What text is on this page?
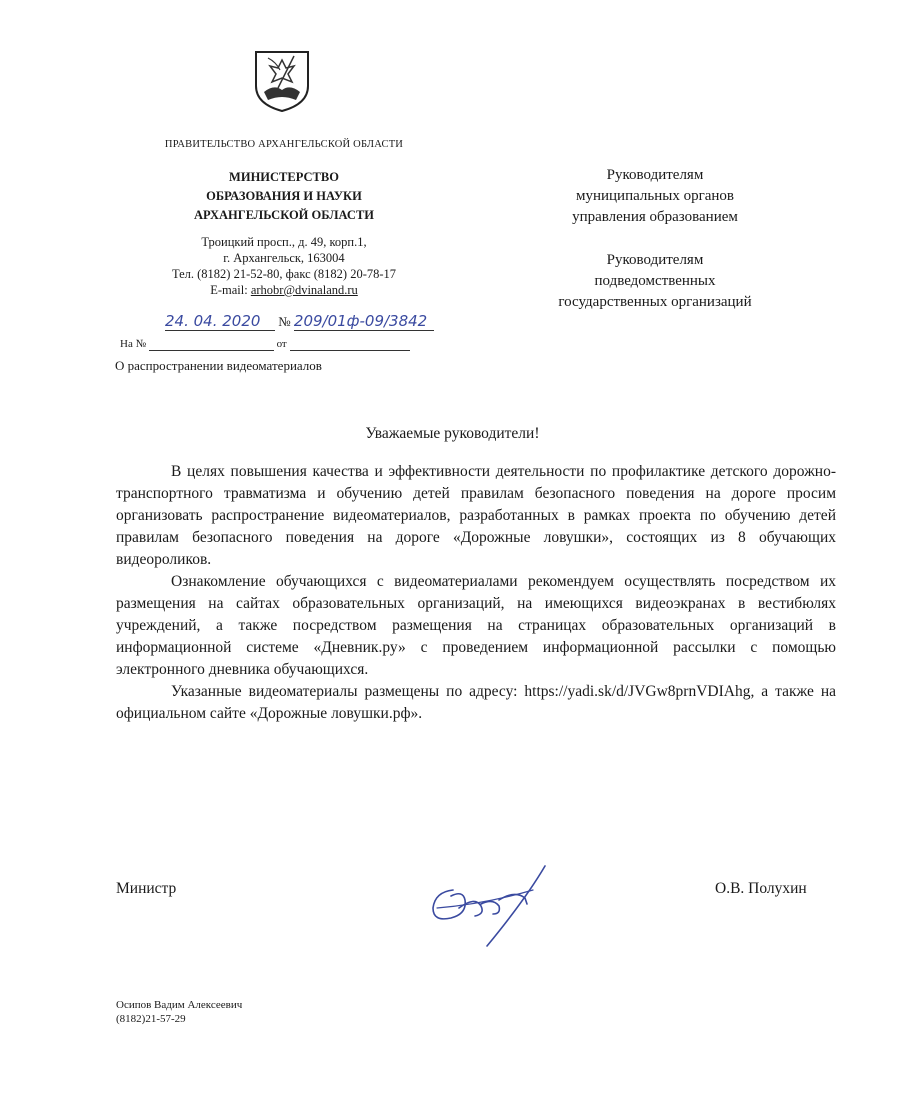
ПРАВИТЕЛЬСТВО АРХАНГЕЛЬСКОЙ ОБЛАСТИ
МИНИСТЕРСТВО
ОБРАЗОВАНИЯ И НАУКИ
АРХАНГЕЛЬСКОЙ ОБЛАСТИ
Троицкий просп., д. 49, корп.1,
г. Архангельск, 163004
Тел. (8182) 21-52-80, факс (8182) 20-78-17
E-mail: arhobr@dvinaland.ru
24. 04. 2020 № 209/01ф-09/3842
На №	от
О распространении видеоматериалов
Руководителям
муниципальных органов
управления образованием
Руководителям
подведомственных
государственных организаций
Уважаемые руководители!

В целях повышения качества и эффективности деятельности по профилактике детского дорожно-транспортного травматизма и обучению детей правилам безопасного поведения на дороге просим организовать распространение видеоматериалов, разработанных в рамках проекта по обучению детей правилам безопасного поведения на дороге «Дорожные ловушки», состоящих из 8 обучающих видеороликов.

Ознакомление обучающихся с видеоматериалами рекомендуем осуществлять посредством их размещения на сайтах образовательных организаций, на имеющихся видеоэкранах в вестибюлях учреждений, а также посредством размещения на страницах образовательных организаций в информационной системе «Дневник.ру» с проведением информационной рассылки с помощью электронного дневника обучающихся.

Указанные видеоматериалы размещены по адресу: https://yadi.sk/d/JVGw8prnVDIAhg, а также на официальном сайте «Дорожные ловушки.рф».

Министр	О.В. Полухин
Осипов Вадим Алексеевич
(8182)21-57-29
